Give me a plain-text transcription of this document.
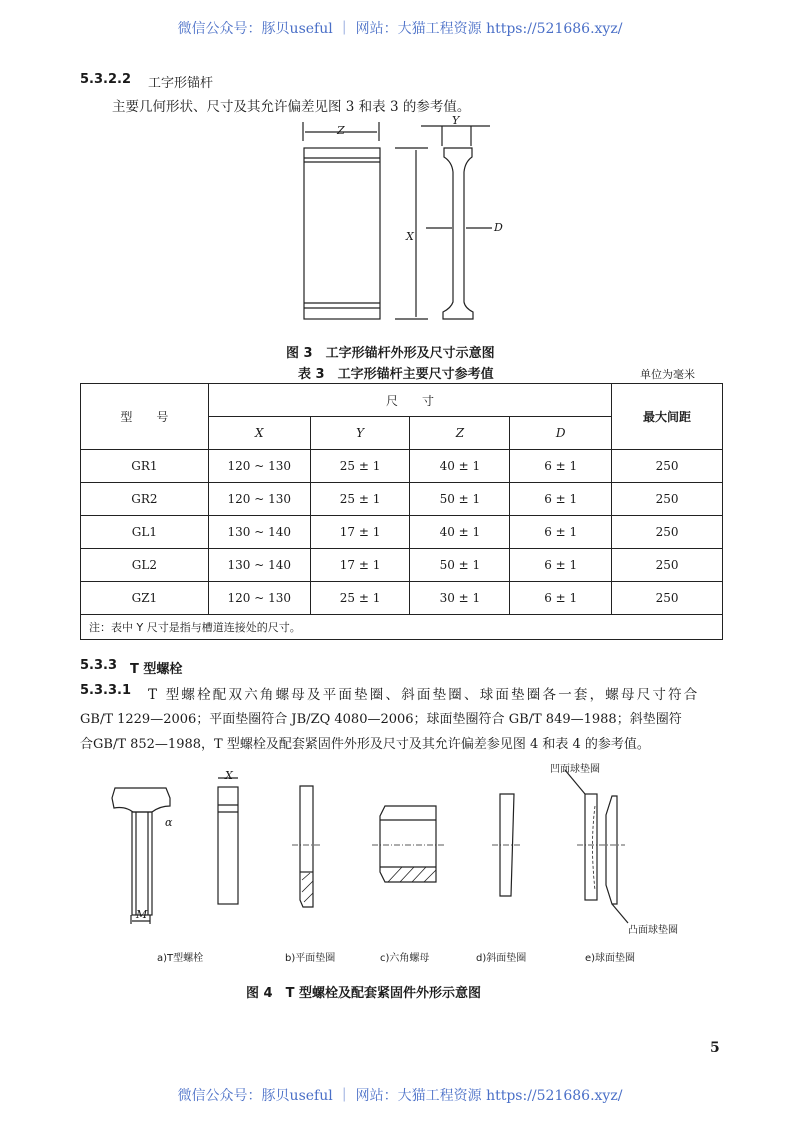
微信公众号：豚贝useful ｜ 网站：大猫工程资源 https://521686.xyz/
5.3.2.2 工字形锚杆
主要几何形状、尺寸及其允许偏差见图 3 和表 3 的参考值。
Z
Y
X
D
图 3　工字形锚杆外形及尺寸示意图
表 3　工字形锚杆主要尺寸参考值	单位为毫米
型　　号	尺　　寸				最大间距
	X	Y	Z	D	
GR1	120 ~ 130	25 ± 1	40 ± 1	6 ± 1	250
GR2	120 ~ 130	25 ± 1	50 ± 1	6 ± 1	250
GL1	130 ~ 140	17 ± 1	40 ± 1	6 ± 1	250
GL2	130 ~ 140	17 ± 1	50 ± 1	6 ± 1	250
GZ1	120 ~ 130	25 ± 1	30 ± 1	6 ± 1	250
注：表中 Y 尺寸是指与槽道连接处的尺寸。					
5.3.3 T 型螺栓
5.3.3.1 T 型螺栓配双六角螺母及平面垫圈、斜面垫圈、球面垫圈各一套，螺母尺寸符合
GB/T 1229—2006；平面垫圈符合 JB/ZQ 4080—2006；球面垫圈符合 GB/T 849—1988；斜垫圈符
合GB/T 852—1988，T 型螺栓及配套紧固件外形及尺寸及其允许偏差参见图 4 和表 4 的参考值。
X
α
M
凹面球垫圈
凸面球垫圈
a)T型螺栓	b)平面垫圈	c)六角螺母	d)斜面垫圈	e)球面垫圈
图 4　T 型螺栓及配套紧固件外形示意图
5
微信公众号：豚贝useful ｜ 网站：大猫工程资源 https://521686.xyz/
